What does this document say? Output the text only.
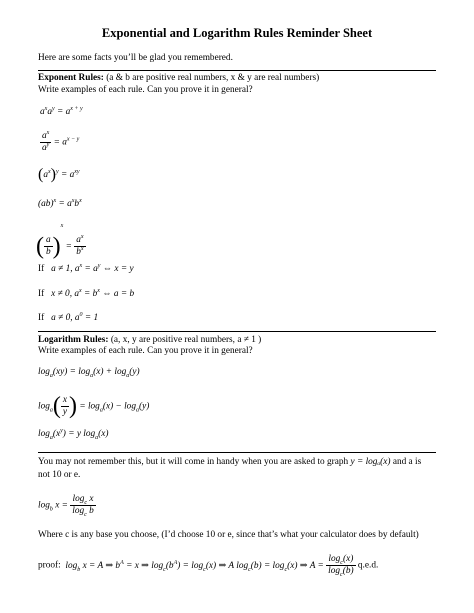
Exponential and Logarithm Rules Reminder Sheet
Here are some facts you’ll be glad you remembered.
Exponent Rules: (a & b are positive real numbers, x & y are real numbers)
Write examples of each rule. Can you prove it in general?
$a^xa^y = a^{x + y}$
$\frac{a^x}{a^y} = a^{x - y}$
$(a^x)^y = a^{xy}$
$(ab)^x = a^xb^x$
( $\frac{a}{b} )^x = \frac{a^x}{b^x}$
If   a ≠ 1, $a^x = a^y$ ⇔ x = y
If   x ≠ 0, $a^x = b^x$ ⇔ a = b
If   a ≠ 0, $a^0 = 1$
Logarithm Rules: (a, x, y are positive real numbers, a ≠ 1 )
Write examples of each rule. Can you prove it in general?
$\log_a(xy) = \log_a(x) + \log_a(y)$
$\log_a( \frac{x}{y}$ ) = $\log_a(x) - \log_a(y)$
$\log_a(x^y) = y$ $\log_a(x)$
You may not remember this, but it will come in handy when you are asked to graph y = logₐ(x) and a is
not 10 or e.
$\log_b x = \frac{\log_c x}{\log_c b}$
Where c is any base you choose, (I’d choose 10 or e, since that’s what your calculator does by default)
proof: $\log_b x = A$ ⇒ $b^A = x$ ⇒ $\log_c(b^A) = \log_c(x)$ ⇒ A $\log_c(b) = \log_c(x)$ ⇒ $A = \frac{\log_c(x)}{\log_c(b)} q.e.d$.
